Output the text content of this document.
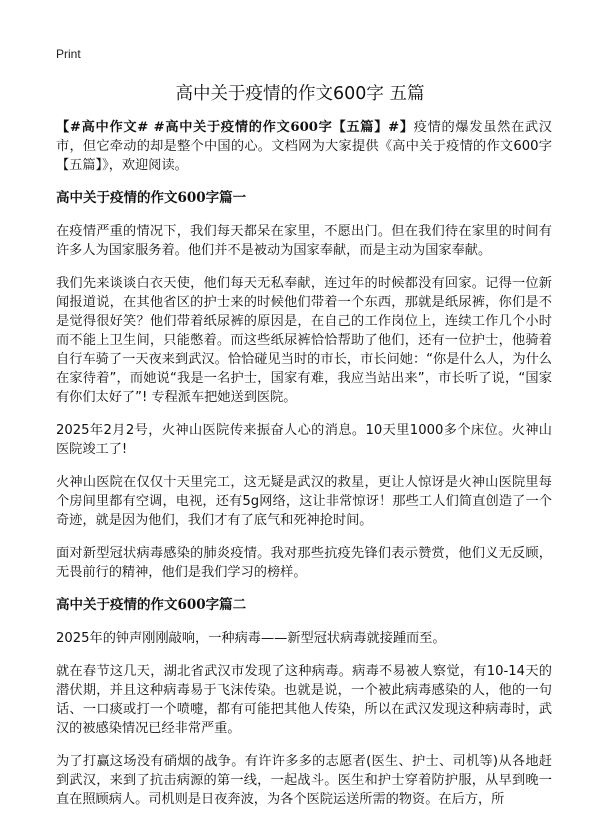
Print
高中关于疫情的作文600字 五篇

【#高中作文# #高中关于疫情的作文600字【五篇】#】疫情的爆发虽然在武汉市，但它牵动的却是整个中国的心。文档网为大家提供《高中关于疫情的作文600字【五篇】》，欢迎阅读。

高中关于疫情的作文600字篇一

在疫情严重的情况下，我们每天都呆在家里，不愿出门。但在我们待在家里的时间有许多人为国家服务着。他们并不是被动为国家奉献，而是主动为国家奉献。

我们先来谈谈白衣天使，他们每天无私奉献，连过年的时候都没有回家。记得一位新闻报道说，在其他省区的护士来的时候他们带着一个东西，那就是纸尿裤，你们是不是觉得很好笑？他们带着纸尿裤的原因是，在自己的工作岗位上，连续工作几个小时而不能上卫生间，只能憋着。而这些纸尿裤恰恰帮助了他们，还有一位护士，他骑着自行车骑了一天夜来到武汉。恰恰碰见当时的市长，市长问她：“你是什么人，为什么在家待着”，而她说“我是一名护士，国家有难，我应当站出来”，市长听了说，“国家有你们太好了”! 专程派车把她送到医院。

2025年2月2号，火神山医院传来振奋人心的消息。10天里1000多个床位。火神山医院竣工了!

火神山医院在仅仅十天里完工，这无疑是武汉的救星，更让人惊讶是火神山医院里每个房间里都有空调，电视，还有5g网络，这让非常惊讶！那些工人们简直创造了一个奇迹，就是因为他们，我们才有了底气和死神抢时间。

面对新型冠状病毒感染的肺炎疫情。我对那些抗疫先锋们表示赞赏，他们义无反顾，无畏前行的精神，他们是我们学习的榜样。

高中关于疫情的作文600字篇二

2025年的钟声刚刚敲响，一种病毒——新型冠状病毒就接踵而至。

就在春节这几天，湖北省武汉市发现了这种病毒。病毒不易被人察觉，有10-14天的潜伏期，并且这种病毒易于飞沫传染。也就是说，一个被此病毒感染的人，他的一句话、一口痰或打一个喷嚏，都有可能把其他人传染，所以在武汉发现这种病毒时，武汉的被感染情况已经非常严重。

为了打赢这场没有硝烟的战争。有许许多多的志愿者(医生、护士、司机等)从各地赶到武汉，来到了抗击病源的第一线，一起战斗。医生和护士穿着防护服，从早到晚一直在照顾病人。司机则是日夜奔波，为各个医院运送所需的物资。在后方，所
